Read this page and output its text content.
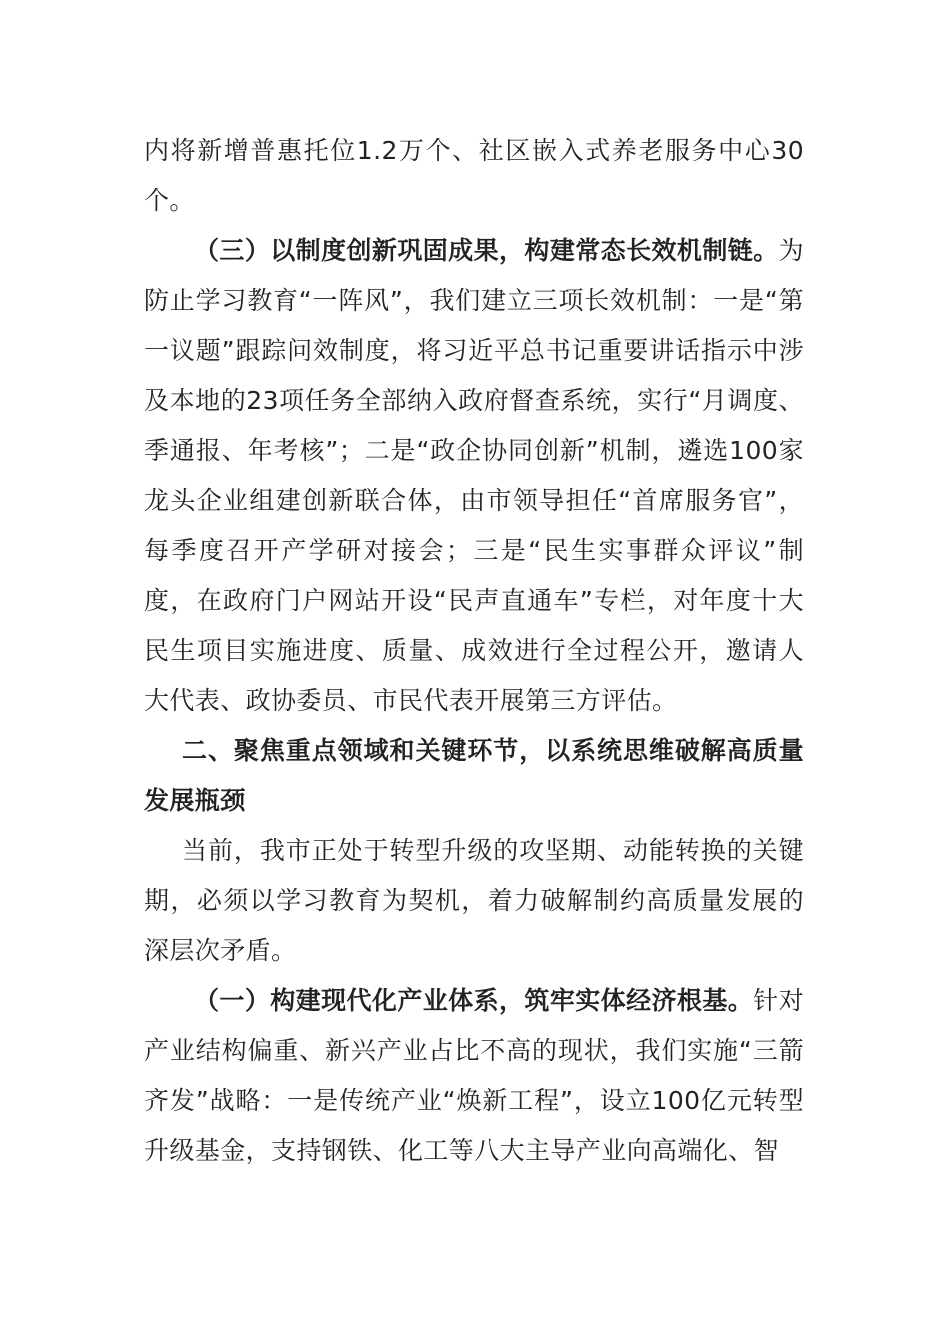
内将新增普惠托位1.2万个、社区嵌入式养老服务中心30个。

（三）以制度创新巩固成果，构建常态长效机制链。为防止学习教育“一阵风”，我们建立三项长效机制：一是“第一议题”跟踪问效制度，将习近平总书记重要讲话指示中涉及本地的23项任务全部纳入政府督查系统，实行“月调度、季通报、年考核”；二是“政企协同创新”机制，遴选100家龙头企业组建创新联合体，由市领导担任“首席服务官”，每季度召开产学研对接会；三是“民生实事群众评议”制度，在政府门户网站开设“民声直通车”专栏，对年度十大民生项目实施进度、质量、成效进行全过程公开，邀请人大代表、政协委员、市民代表开展第三方评估。

二、聚焦重点领域和关键环节，以系统思维破解高质量发展瓶颈

当前，我市正处于转型升级的攻坚期、动能转换的关键期，必须以学习教育为契机，着力破解制约高质量发展的深层次矛盾。

（一）构建现代化产业体系，筑牢实体经济根基。针对产业结构偏重、新兴产业占比不高的现状，我们实施“三箭齐发”战略：一是传统产业“焕新工程”，设立100亿元转型升级基金，支持钢铁、化工等八大主导产业向高端化、智
